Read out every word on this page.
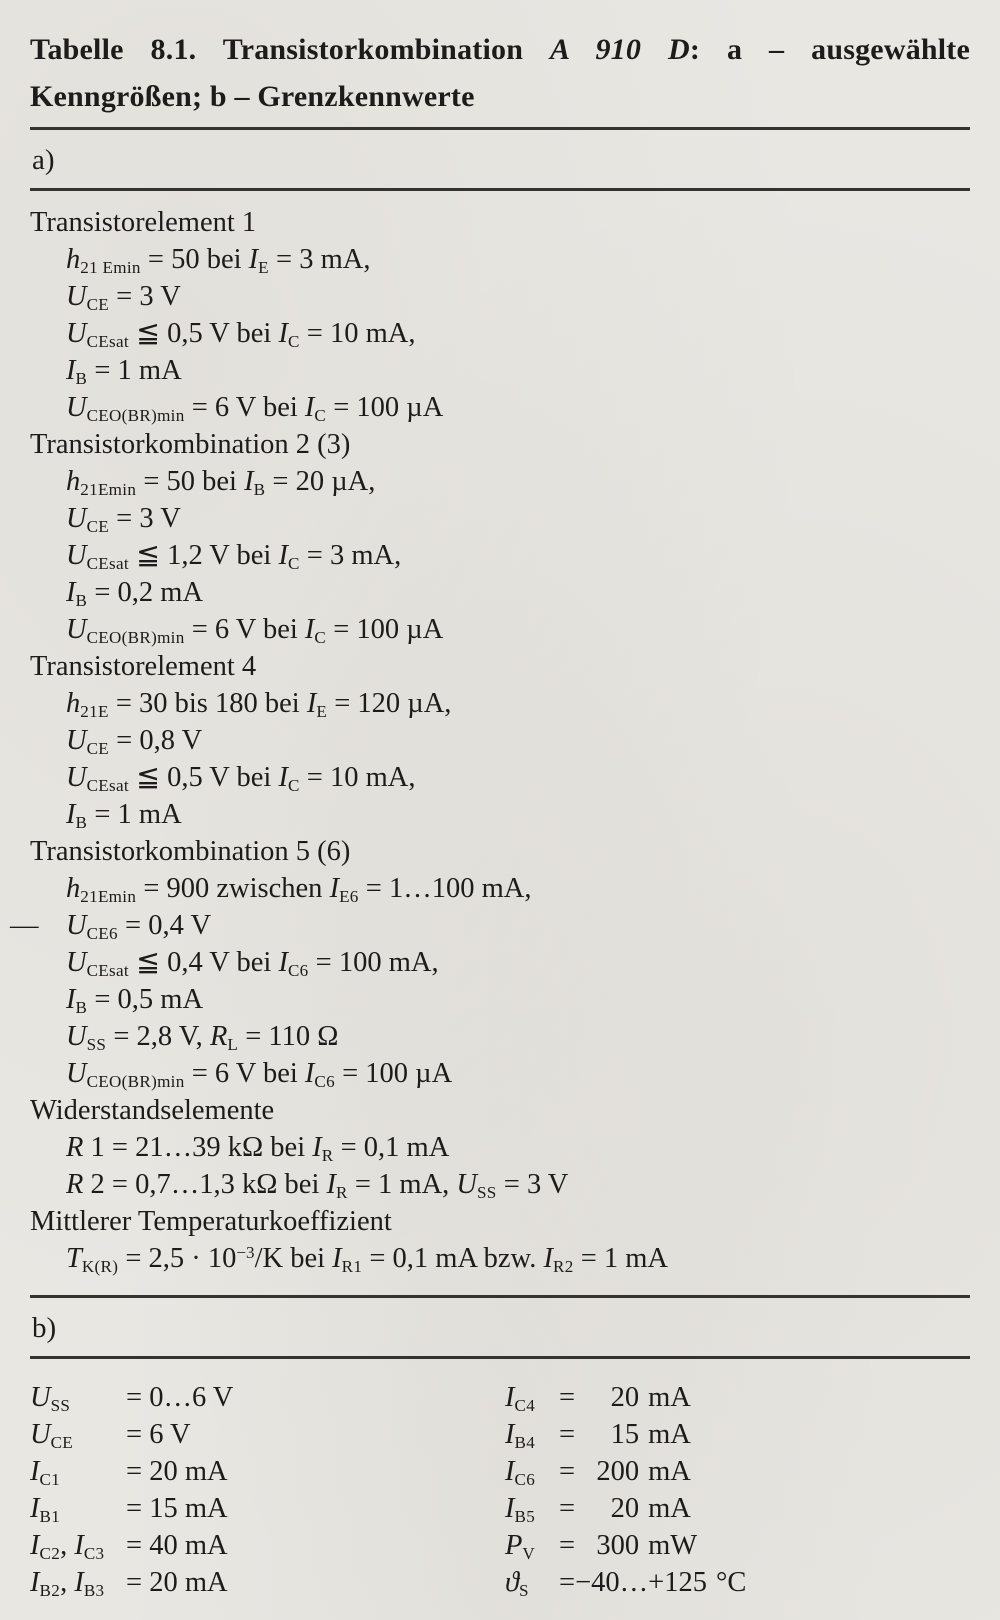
Tabelle 8.1. Transistorkombination A 910 D: a – ausgewählte
Kenngrößen; b – Grenzkennwerte
a)
Transistorelement 1
h21 Emin = 50 bei IE = 3 mA,
UCE = 3 V
UCEsat ≦ 0,5 V bei IC = 10 mA,
IB = 1 mA
UCEO(BR)min = 6 V bei IC = 100 µA
Transistorkombination 2 (3)
h21Emin = 50 bei IB = 20 µA,
UCE = 3 V
UCEsat ≦ 1,2 V bei IC = 3 mA,
IB = 0,2 mA
UCEO(BR)min = 6 V bei IC = 100 µA
Transistorelement 4
h21E = 30 bis 180 bei IE = 120 µA,
UCE = 0,8 V
UCEsat ≦ 0,5 V bei IC = 10 mA,
IB = 1 mA
Transistorkombination 5 (6)
h21Emin = 900 zwischen IE6 = 1…100 mA,
—UCE6 = 0,4 V
UCEsat ≦ 0,4 V bei IC6 = 100 mA,
IB = 0,5 mA
USS = 2,8 V, RL = 110 Ω
UCEO(BR)min = 6 V bei IC6 = 100 µA
Widerstandselemente
R 1 = 21…39 kΩ bei IR = 0,1 mA
R 2 = 0,7…1,3 kΩ bei IR = 1 mA, USS = 3 V
Mittlerer Temperaturkoeffizient
$TK(R) = 2,5 \cdot 10^{-3}/K$ bei IR1 = 0,1 mA bzw. IR2 = 1 mA
b)
USS = 0…6 V
UCE = 6 V
IC1 = 20 mA
IB1 = 15 mA
IC2, IC3 = 40 mA
IB2, IB3 = 20 mA
IC4 = 20 mA
IB4 = 15 mA
IC6 = 200 mA
IB5 = 20 mA
PV = 300 mW
ϑS =−40…+125 °C
